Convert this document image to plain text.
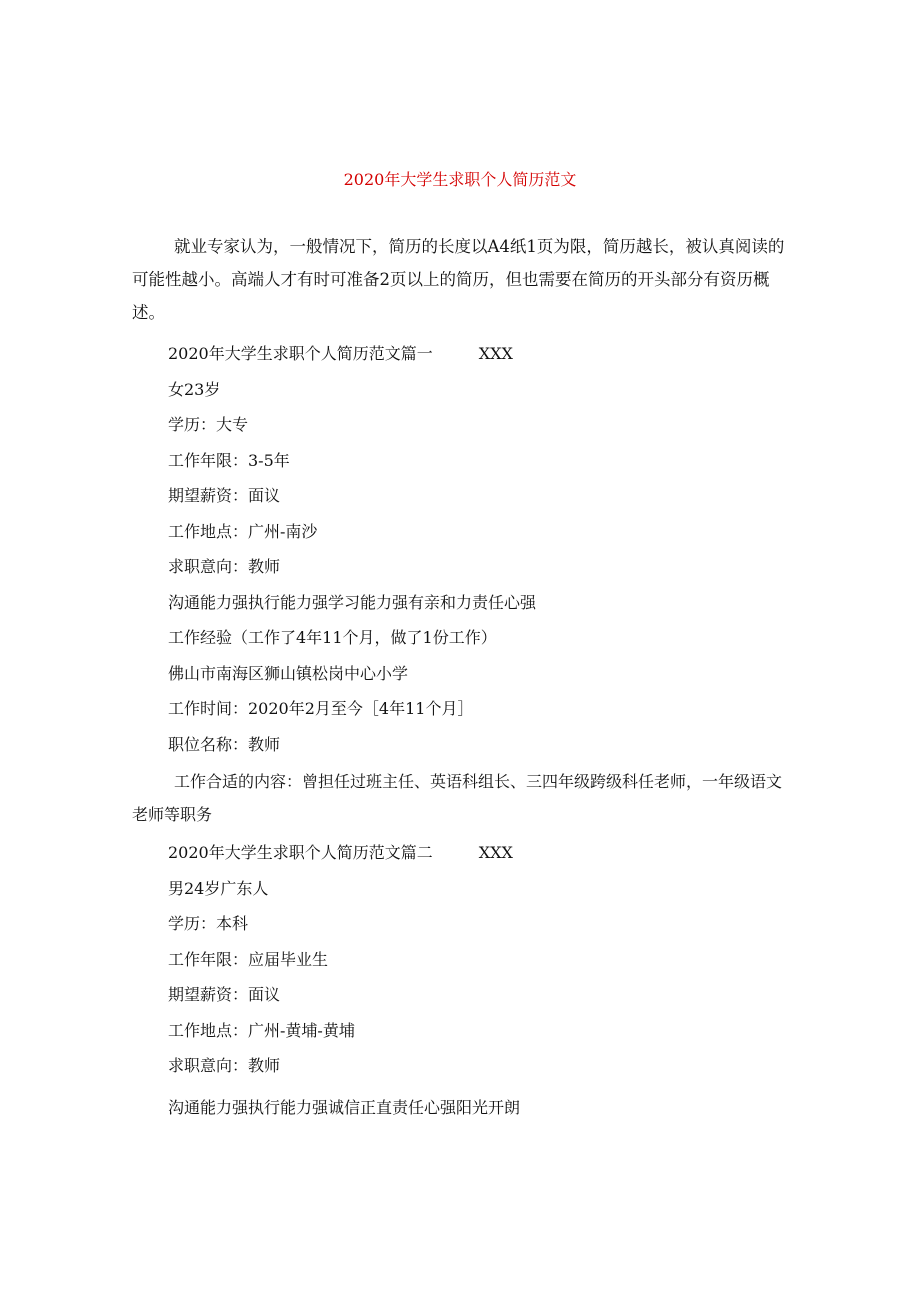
2020年大学生求职个人简历范文

就业专家认为，一般情况下，简历的长度以A4纸1页为限，简历越长，被认真阅读的可能性越小。高端人才有时可准备2页以上的简历，但也需要在简历的开头部分有资历概述。

2020年大学生求职个人简历范文篇一	XXX
女23岁
学历：大专
工作年限：3-5年
期望薪资：面议
工作地点：广州-南沙
求职意向：教师
沟通能力强执行能力强学习能力强有亲和力责任心强
工作经验（工作了4年11个月，做了1份工作）
佛山市南海区狮山镇松岗中心小学
工作时间：2020年2月至今［4年11个月］
职位名称：教师

工作合适的内容：曾担任过班主任、英语科组长、三四年级跨级科任老师，一年级语文老师等职务

2020年大学生求职个人简历范文篇二	XXX
男24岁广东人
学历：本科
工作年限：应届毕业生
期望薪资：面议
工作地点：广州-黄埔-黄埔
求职意向：教师
沟通能力强执行能力强诚信正直责任心强阳光开朗
